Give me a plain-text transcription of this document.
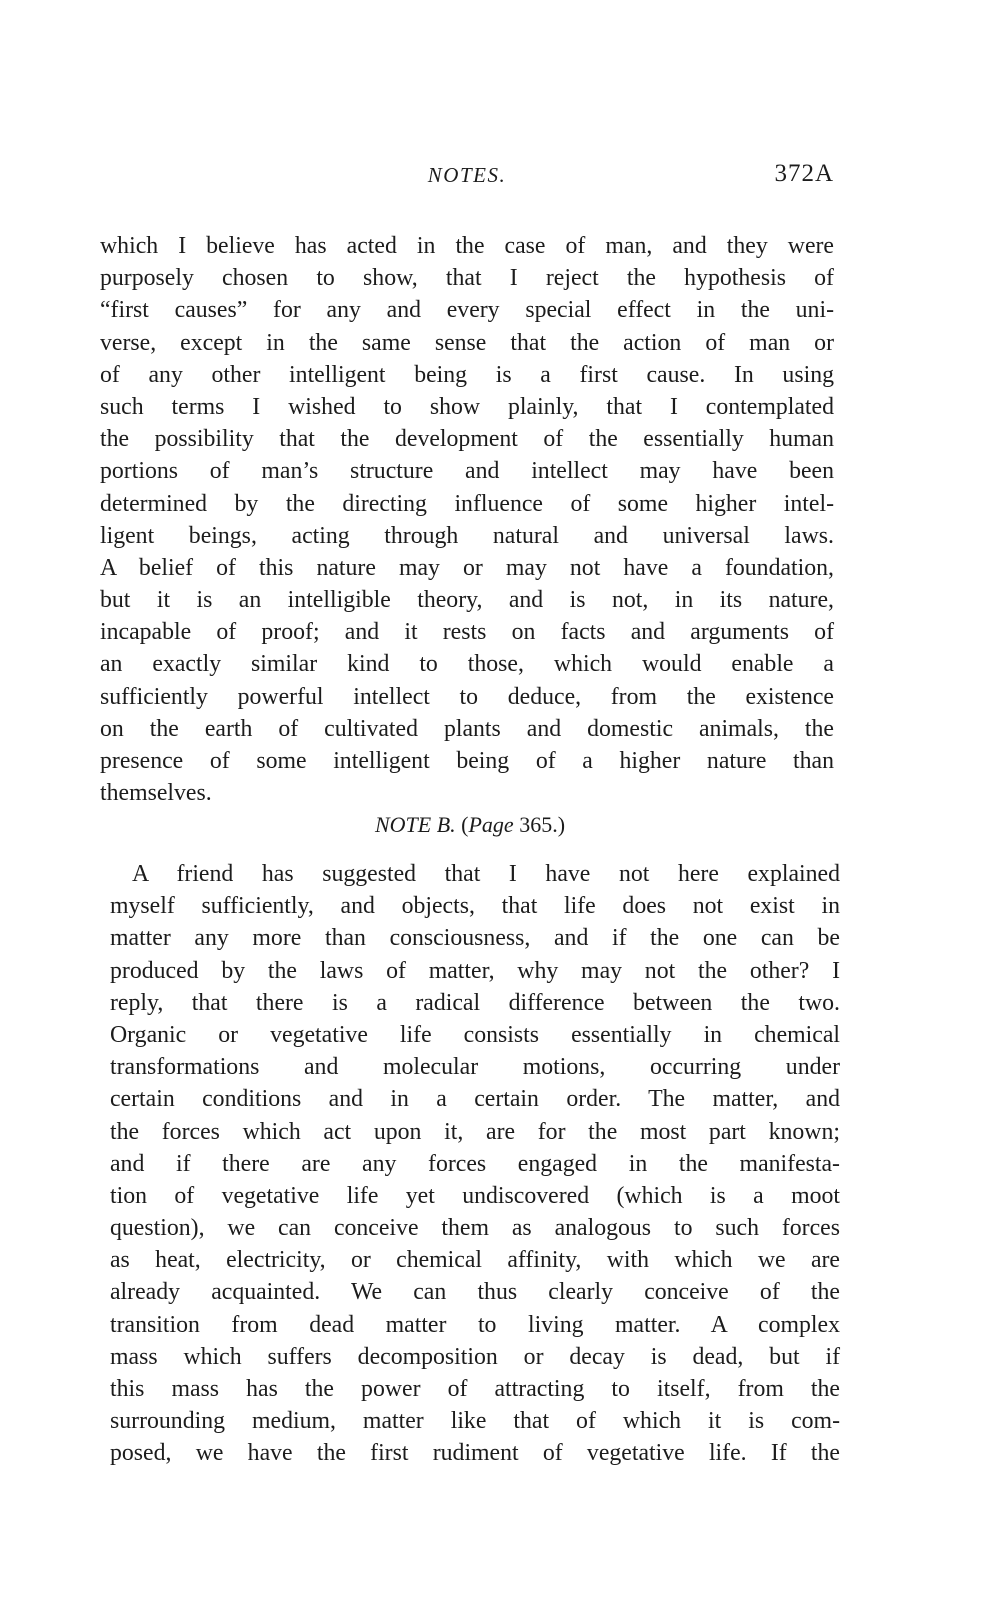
NOTES.	372A
which I believe has acted in the case of man, and they were
purposely chosen to show, that I reject the hypothesis of
“first causes” for any and every special effect in the uni-
verse, except in the same sense that the action of man or
of any other intelligent being is a first cause. In using
such terms I wished to show plainly, that I contemplated
the possibility that the development of the essentially human
portions of man’s structure and intellect may have been
determined by the directing influence of some higher intel-
ligent beings, acting through natural and universal laws.
A belief of this nature may or may not have a foundation,
but it is an intelligible theory, and is not, in its nature,
incapable of proof; and it rests on facts and arguments of
an exactly similar kind to those, which would enable a
sufficiently powerful intellect to deduce, from the existence
on the earth of cultivated plants and domestic animals, the
presence of some intelligent being of a higher nature than
themselves.
NOTE B. (Page 365.)
A friend has suggested that I have not here explained
myself sufficiently, and objects, that life does not exist in
matter any more than consciousness, and if the one can be
produced by the laws of matter, why may not the other? I
reply, that there is a radical difference between the two.
Organic or vegetative life consists essentially in chemical
transformations and molecular motions, occurring under
certain conditions and in a certain order. The matter, and
the forces which act upon it, are for the most part known;
and if there are any forces engaged in the manifesta-
tion of vegetative life yet undiscovered (which is a moot
question), we can conceive them as analogous to such forces
as heat, electricity, or chemical affinity, with which we are
already acquainted. We can thus clearly conceive of the
transition from dead matter to living matter. A complex
mass which suffers decomposition or decay is dead, but if
this mass has the power of attracting to itself, from the
surrounding medium, matter like that of which it is com-
posed, we have the first rudiment of vegetative life. If the
